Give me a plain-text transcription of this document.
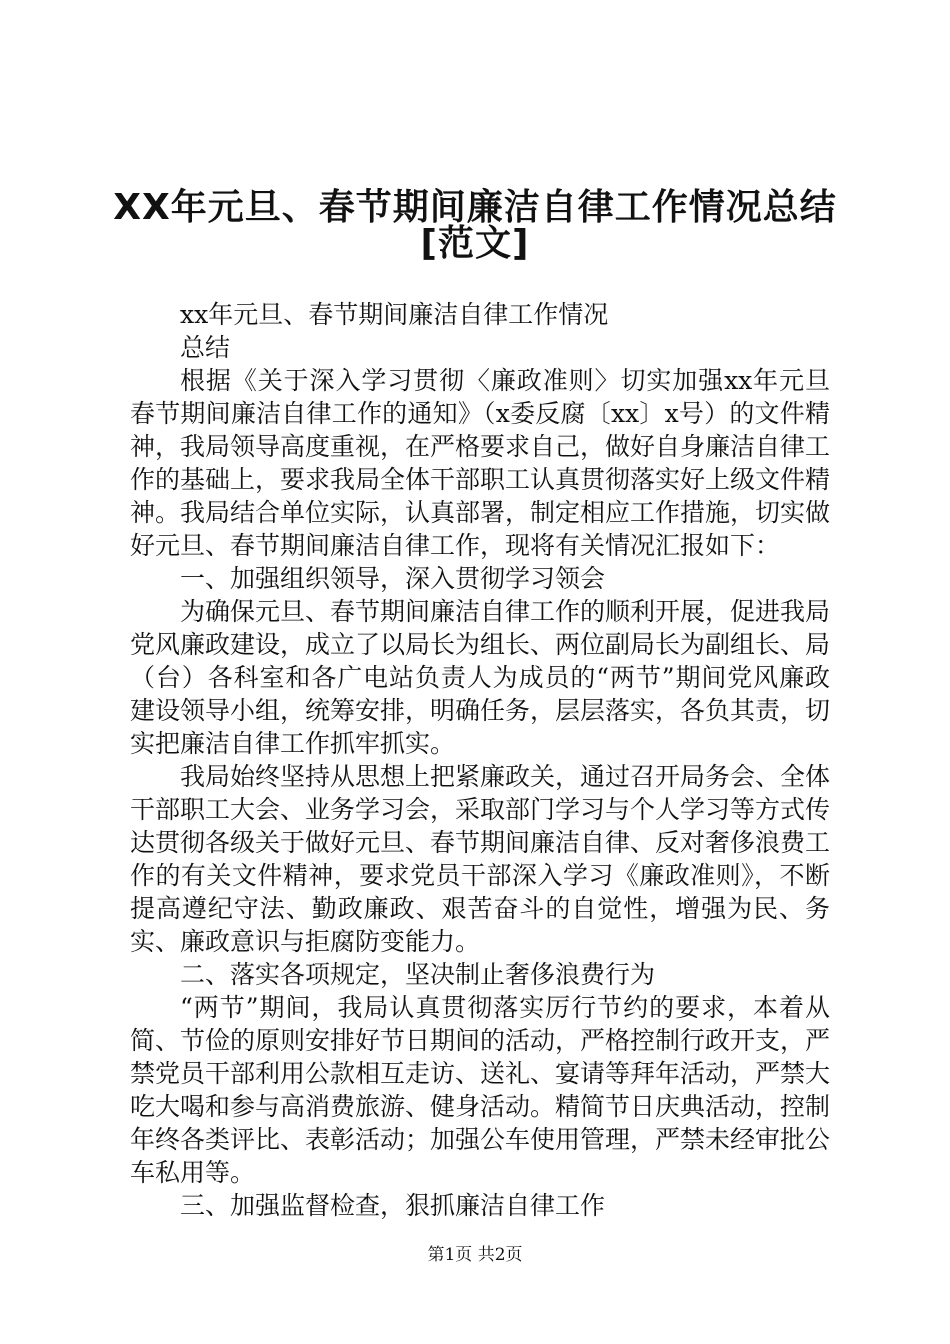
XX年元旦、春节期间廉洁自律工作情况总结
[范文]

xx年元旦、春节期间廉洁自律工作情况

总结

根据《关于深入学习贯彻〈廉政准则〉切实加强xx年元旦春节期间廉洁自律工作的通知》（x委反腐〔xx〕x号）的文件精神，我局领导高度重视，在严格要求自己，做好自身廉洁自律工作的基础上，要求我局全体干部职工认真贯彻落实好上级文件精神。我局结合单位实际，认真部署，制定相应工作措施，切实做好元旦、春节期间廉洁自律工作，现将有关情况汇报如下：

一、加强组织领导，深入贯彻学习领会

为确保元旦、春节期间廉洁自律工作的顺利开展，促进我局党风廉政建设，成立了以局长为组长、两位副局长为副组长、局（台）各科室和各广电站负责人为成员的“两节”期间党风廉政建设领导小组，统筹安排，明确任务，层层落实，各负其责，切实把廉洁自律工作抓牢抓实。

我局始终坚持从思想上把紧廉政关，通过召开局务会、全体干部职工大会、业务学习会，采取部门学习与个人学习等方式传达贯彻各级关于做好元旦、春节期间廉洁自律、反对奢侈浪费工作的有关文件精神，要求党员干部深入学习《廉政准则》，不断提高遵纪守法、勤政廉政、艰苦奋斗的自觉性，增强为民、务实、廉政意识与拒腐防变能力。

二、落实各项规定，坚决制止奢侈浪费行为

“两节”期间，我局认真贯彻落实厉行节约的要求，本着从简、节俭的原则安排好节日期间的活动，严格控制行政开支，严禁党员干部利用公款相互走访、送礼、宴请等拜年活动，严禁大吃大喝和参与高消费旅游、健身活动。精简节日庆典活动，控制年终各类评比、表彰活动；加强公车使用管理，严禁未经审批公车私用等。

三、加强监督检查，狠抓廉洁自律工作

第1页 共2页
